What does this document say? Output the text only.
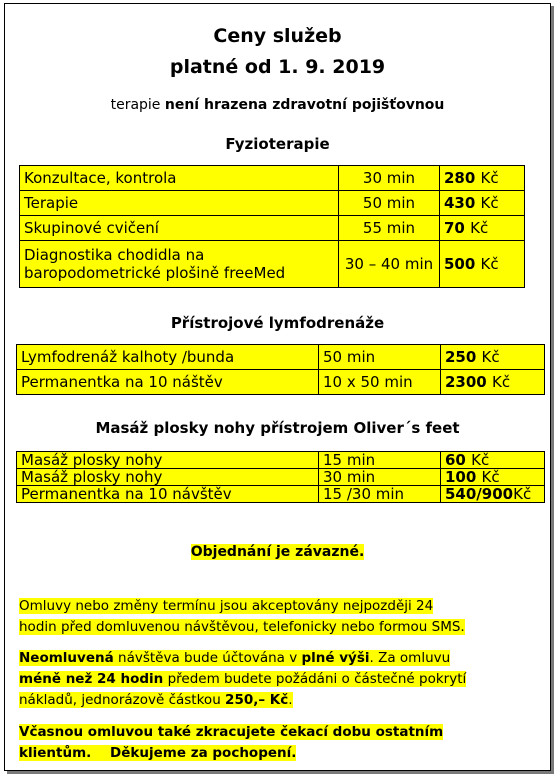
Ceny služeb
platné od 1. 9. 2019
terapie není hrazena zdravotní pojišťovnou
Fyzioterapie
Konzultace, kontrola	30 min	280 Kč
Terapie	50 min	430 Kč
Skupinové cvičení	55 min	70 Kč
Diagnostika chodidla na
baropodometrické plošině freeMed	30 – 40 min	500 Kč
Přístrojové lymfodrenáže
Lymfodrenáž kalhoty /bunda	50 min	250 Kč
Permanentka na 10 náštěv	10 x 50 min	2300 Kč
Masáž plosky nohy přístrojem Oliver´s feet
Masáž plosky nohy	15 min	60 Kč
Masáž plosky nohy	30 min	100 Kč
Permanentka na 10 návštěv	15 /30 min	540/900Kč
Objednání je závazné.
Omluvy nebo změny termínu jsou akceptovány nejpozději 24
hodin před domluvenou návštěvou, telefonicky nebo formou SMS.
Neomluvená návštěva bude účtována v plné výši. Za omluvu
méně než 24 hodin předem budete požádáni o částečné pokrytí
nákladů, jednorázově částkou 250,– Kč.
Včasnou omluvou také zkracujete čekací dobu ostatním
klientům.    Děkujeme za pochopení.
